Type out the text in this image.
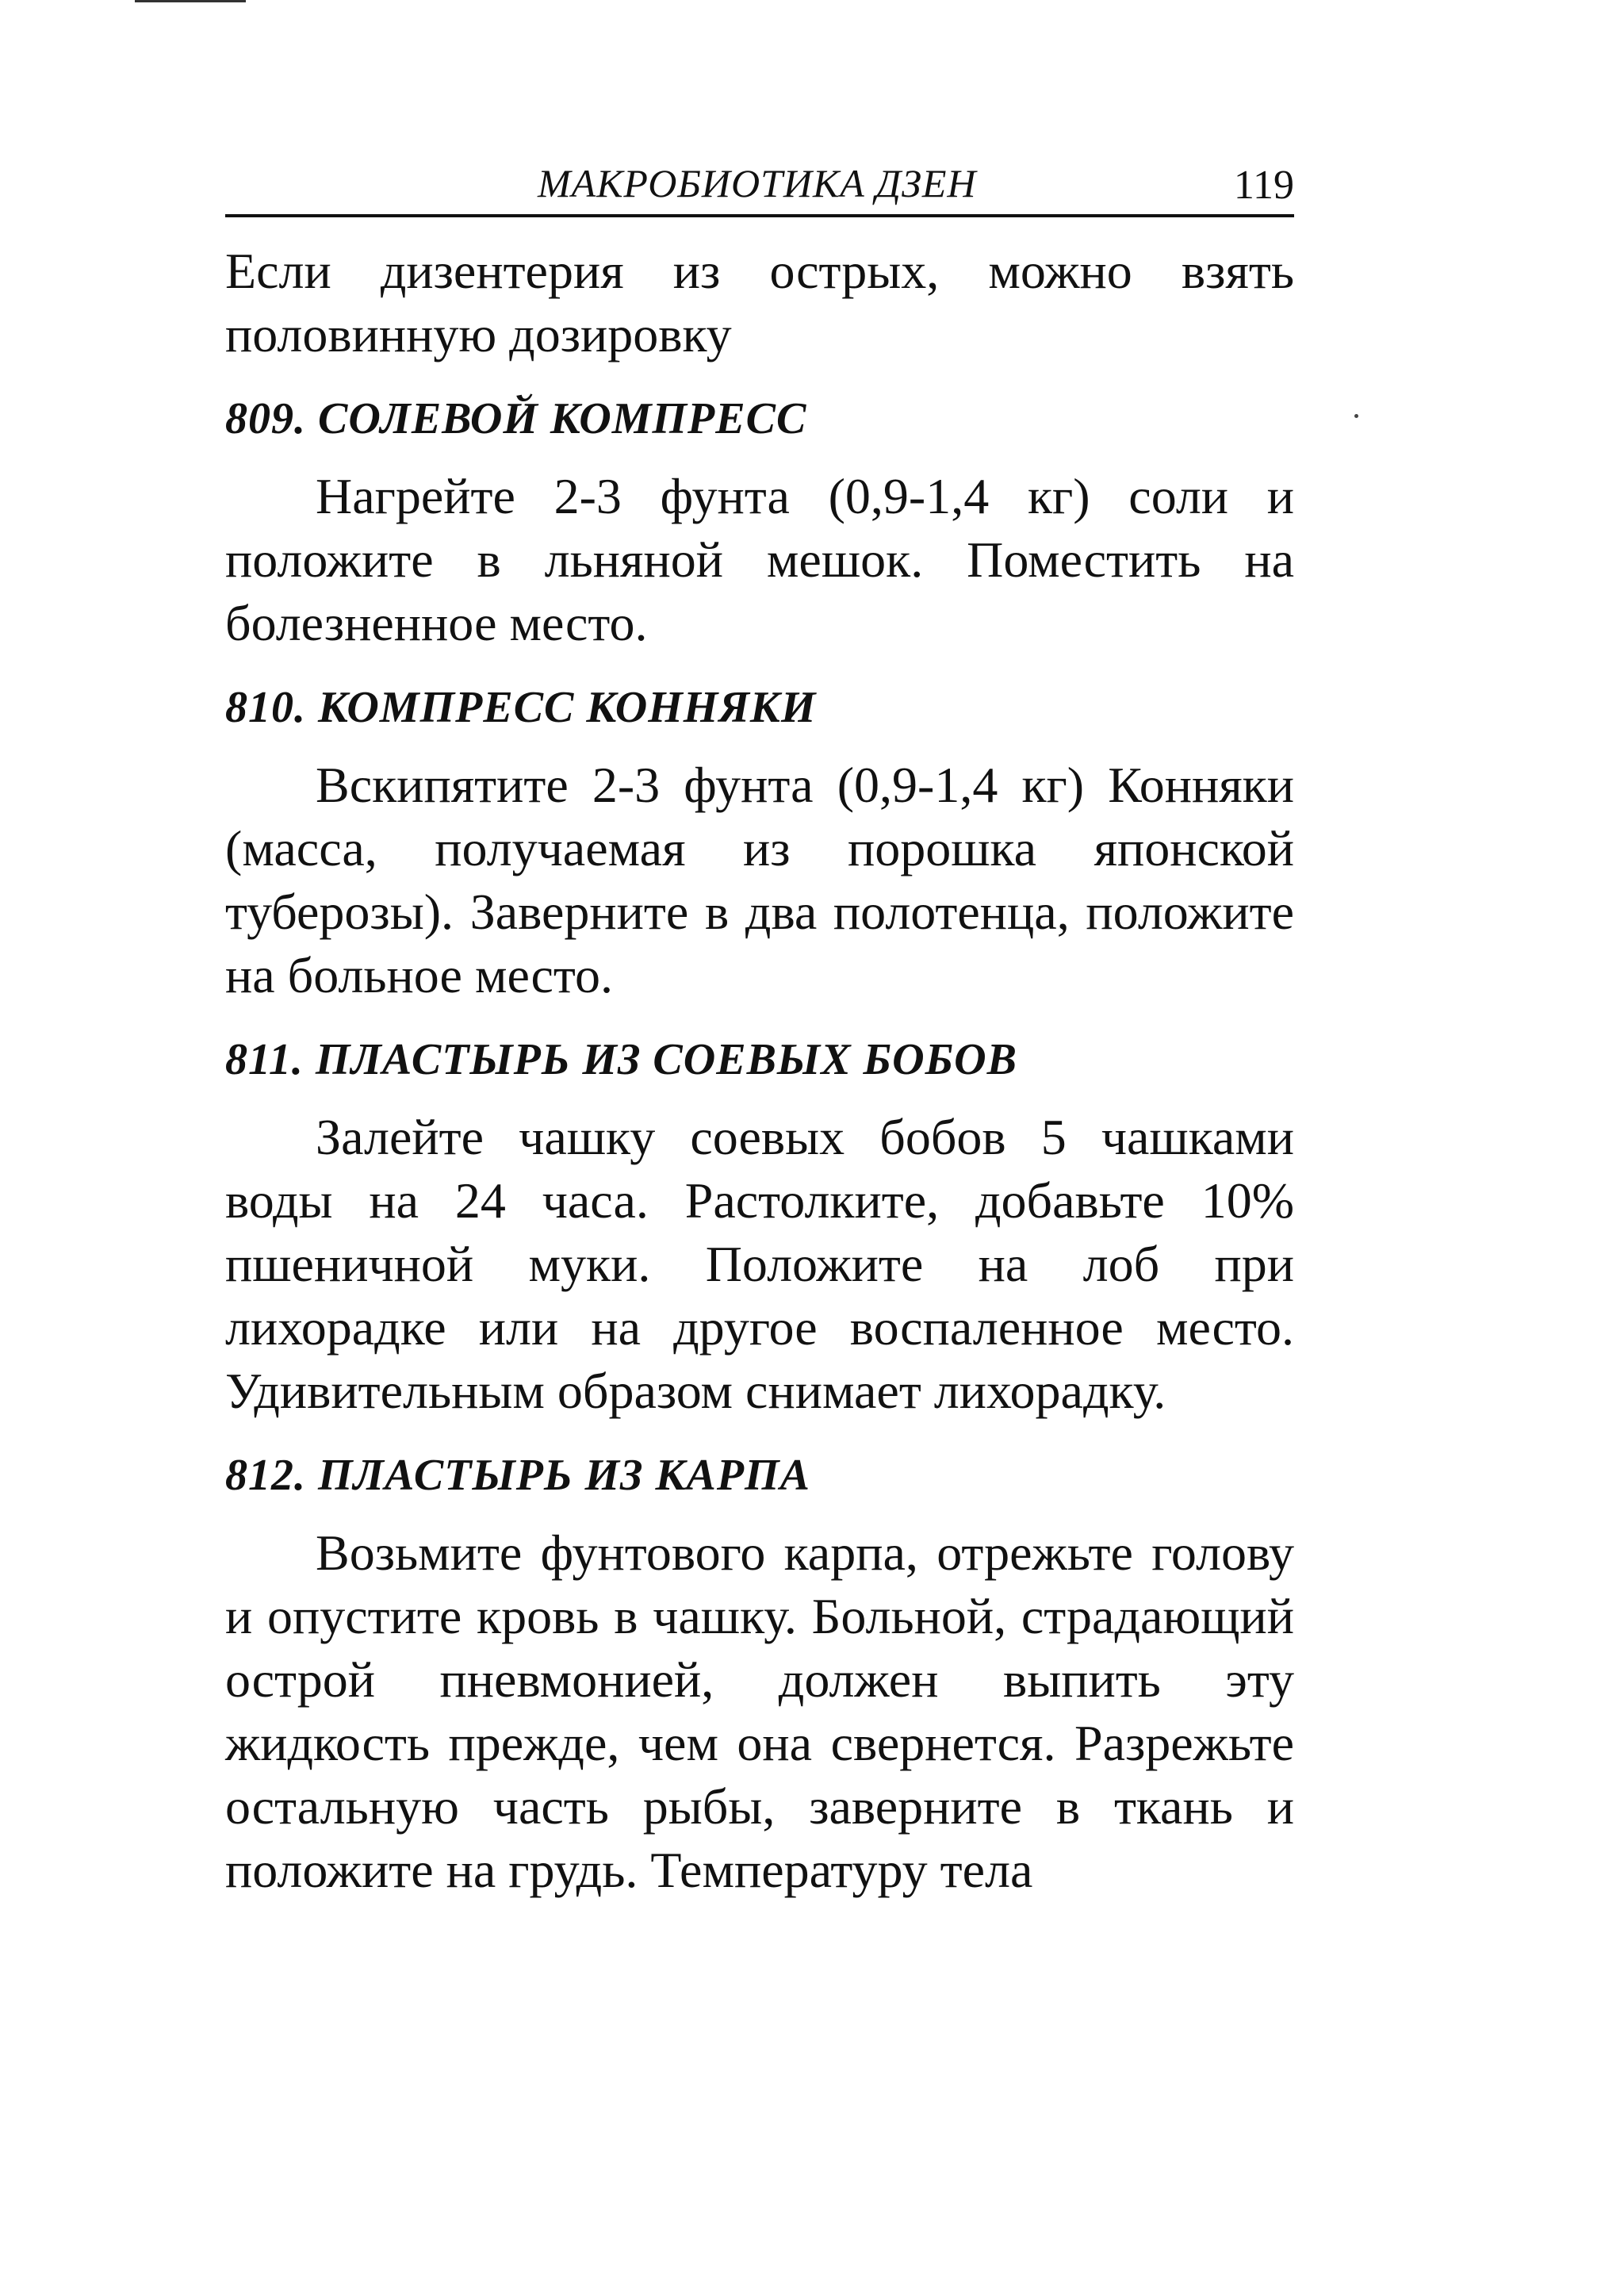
МАКРОБИОТИКА ДЗЕН	119

Если дизентерия из острых, можно взять половинную дозировку

809. СОЛЕВОЙ КОМПРЕСС

Нагрейте 2-3 фунта (0,9-1,4 кг) соли и положите в льняной мешок. Поместить на болезненное место.

810. КОМПРЕСС КОННЯКИ

Вскипятите 2-3 фунта (0,9-1,4 кг) Конняки (масса, получаемая из порошка японской туберозы). Заверните в два полотенца, положите на больное место.

811. ПЛАСТЫРЬ ИЗ СОЕВЫХ БОБОВ

Залейте чашку соевых бобов 5 чашками воды на 24 часа. Растолките, добавьте 10% пшеничной муки. Положите на лоб при лихорадке или на другое воспаленное место. Удивительным образом снимает лихорадку.

812. ПЛАСТЫРЬ ИЗ КАРПА

Возьмите фунтового карпа, отрежьте голову и опустите кровь в чашку. Больной, страдающий острой пневмонией, должен выпить эту жидкость прежде, чем она свернется. Разрежьте остальную часть рыбы, заверните в ткань и положите на грудь. Температуру тела
